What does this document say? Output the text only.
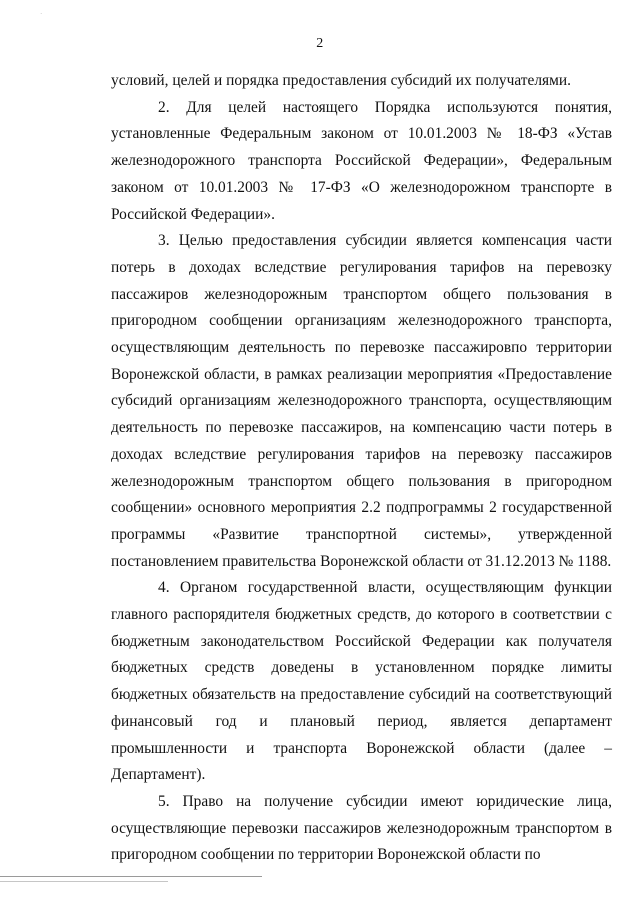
·
2

условий, целей и порядка предоставления субсидий их получателями.

2. Для целей настоящего Порядка используются понятия, установленные Федеральным законом от 10.01.2003 № 18-ФЗ «Устав железнодорожного транспорта Российской Федерации», Федеральным законом от 10.01.2003 № 17-ФЗ «О железнодорожном транспорте в Российской Федерации».

3. Целью предоставления субсидии является компенсация части потерь в доходах вследствие регулирования тарифов на перевозку пассажиров железнодорожным транспортом общего пользования в пригородном сообщении организациям железнодорожного транспорта, осуществляющим деятельность по перевозке пассажировпо территории Воронежской области, в рамках реализации мероприятия «Предоставление субсидий организациям железнодорожного транспорта, осуществляющим деятельность по перевозке пассажиров, на компенсацию части потерь в доходах вследствие регулирования тарифов на перевозку пассажиров железнодорожным транспортом общего пользования в пригородном сообщении» основного мероприятия 2.2 подпрограммы 2 государственной программы «Развитие транспортной системы», утвержденной постановлением правительства Воронежской области от 31.12.2013 № 1188.

4. Органом государственной власти, осуществляющим функции главного распорядителя бюджетных средств, до которого в соответствии с бюджетным законодательством Российской Федерации как получателя бюджетных средств доведены в установленном порядке лимиты бюджетных обязательств на предоставление субсидий на соответствующий финансовый год и плановый период, является департамент промышленности и транспорта Воронежской области (далее – Департамент).

5. Право на получение субсидии имеют юридические лица, осуществляющие перевозки пассажиров железнодорожным транспортом в пригородном сообщении по территории Воронежской области по
